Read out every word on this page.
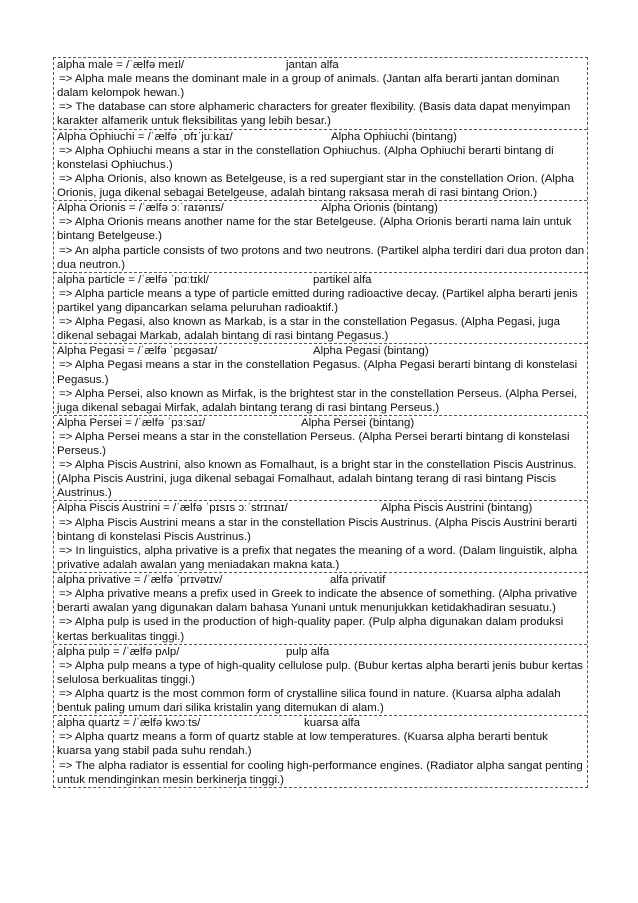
alpha male = /ˈælfə meɪl/	jantan alfa
=> Alpha male means the dominant male in a group of animals. (Jantan alfa berarti jantan dominan dalam kelompok hewan.)
=> The database can store alphameric characters for greater flexibility. (Basis data dapat menyimpan karakter alfamerik untuk fleksibilitas yang lebih besar.)
Alpha Ophiuchi = /ˈælfə ˌɒfɪˈjuːkaɪ/	Alpha Ophiuchi (bintang)
=> Alpha Ophiuchi means a star in the constellation Ophiuchus. (Alpha Ophiuchi berarti bintang di konstelasi Ophiuchus.)
=> Alpha Orionis, also known as Betelgeuse, is a red supergiant star in the constellation Orion. (Alpha Orionis, juga dikenal sebagai Betelgeuse, adalah bintang raksasa merah di rasi bintang Orion.)
Alpha Orionis = /ˈælfə ɔːˈraɪənɪs/	Alpha Orionis (bintang)
=> Alpha Orionis means another name for the star Betelgeuse. (Alpha Orionis berarti nama lain untuk bintang Betelgeuse.)
=> An alpha particle consists of two protons and two neutrons. (Partikel alpha terdiri dari dua proton dan dua neutron.)
alpha particle = /ˈælfə ˈpɑːtɪkl/	partikel alfa
=> Alpha particle means a type of particle emitted during radioactive decay. (Partikel alpha berarti jenis partikel yang dipancarkan selama peluruhan radioaktif.)
=> Alpha Pegasi, also known as Markab, is a star in the constellation Pegasus. (Alpha Pegasi, juga dikenal sebagai Markab, adalah bintang di rasi bintang Pegasus.)
Alpha Pegasi = /ˈælfə ˈpɛɡəsaɪ/	Alpha Pegasi (bintang)
=> Alpha Pegasi means a star in the constellation Pegasus. (Alpha Pegasi berarti bintang di konstelasi Pegasus.)
=> Alpha Persei, also known as Mirfak, is the brightest star in the constellation Perseus. (Alpha Persei, juga dikenal sebagai Mirfak, adalah bintang terang di rasi bintang Perseus.)
Alpha Persei = /ˈælfə ˈpɜːsaɪ/	Alpha Persei (bintang)
=> Alpha Persei means a star in the constellation Perseus. (Alpha Persei berarti bintang di konstelasi Perseus.)
=> Alpha Piscis Austrini, also known as Fomalhaut, is a bright star in the constellation Piscis Austrinus. (Alpha Piscis Austrini, juga dikenal sebagai Fomalhaut, adalah bintang terang di rasi bintang Piscis Austrinus.)
Alpha Piscis Austrini = /ˈælfə ˈpɪsɪs ɔːˈstrɪnaɪ/	Alpha Piscis Austrini (bintang)
=> Alpha Piscis Austrini means a star in the constellation Piscis Austrinus. (Alpha Piscis Austrini berarti bintang di konstelasi Piscis Austrinus.)
=> In linguistics, alpha privative is a prefix that negates the meaning of a word. (Dalam linguistik, alpha privative adalah awalan yang meniadakan makna kata.)
alpha privative = /ˈælfə ˈprɪvətɪv/	alfa privatif
=> Alpha privative means a prefix used in Greek to indicate the absence of something. (Alpha privative berarti awalan yang digunakan dalam bahasa Yunani untuk menunjukkan ketidakhadiran sesuatu.)
=> Alpha pulp is used in the production of high-quality paper. (Pulp alpha digunakan dalam produksi kertas berkualitas tinggi.)
alpha pulp = /ˈælfə pʌlp/	pulp alfa
=> Alpha pulp means a type of high-quality cellulose pulp. (Bubur kertas alpha berarti jenis bubur kertas selulosa berkualitas tinggi.)
=> Alpha quartz is the most common form of crystalline silica found in nature. (Kuarsa alpha adalah bentuk paling umum dari silika kristalin yang ditemukan di alam.)
alpha quartz = /ˈælfə kwɔːts/	kuarsa alfa
=> Alpha quartz means a form of quartz stable at low temperatures. (Kuarsa alpha berarti bentuk kuarsa yang stabil pada suhu rendah.)
=> The alpha radiator is essential for cooling high-performance engines. (Radiator alpha sangat penting untuk mendinginkan mesin berkinerja tinggi.)
